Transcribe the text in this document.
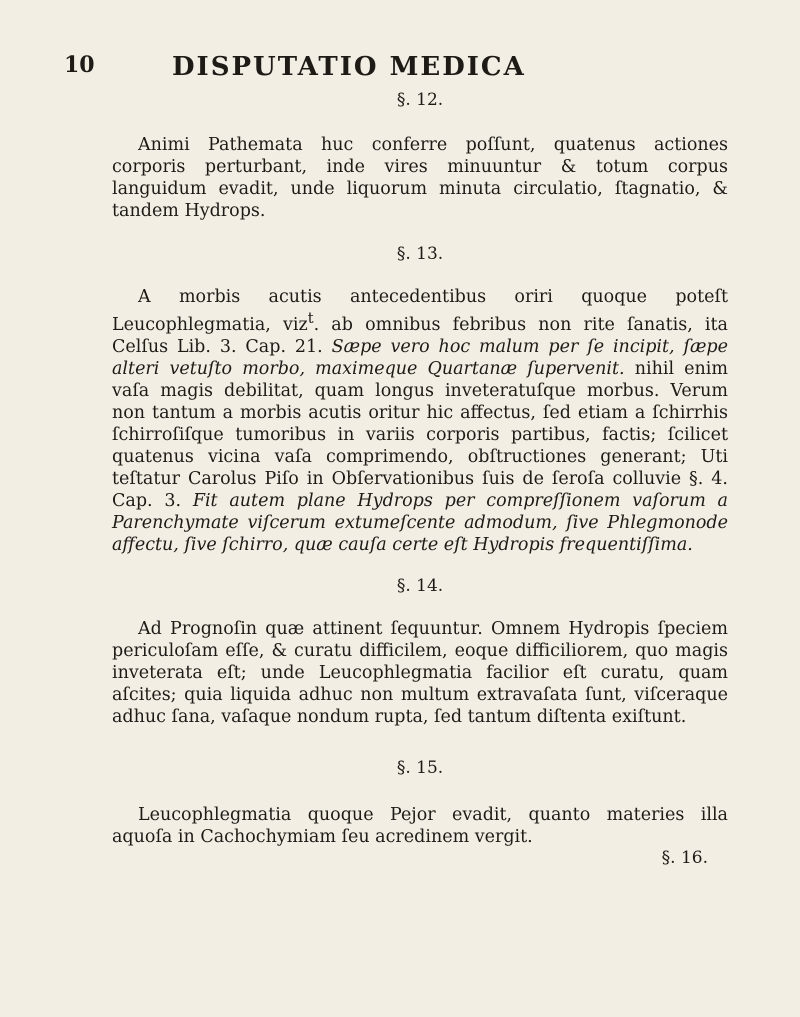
10	DISPUTATIO MEDICA

§. 12.

Animi Pathemata huc conferre poſſunt, quatenus actiones corporis perturbant, inde vires minuuntur & totum corpus languidum evadit, unde liquorum minuta circulatio, ſtagnatio, & tandem Hydrops.

§. 13.

A morbis acutis antecedentibus oriri quoque poteſt Leucophlegmatia, viz$^t$. ab omnibus febribus non rite ſanatis, ita Celſus Lib. 3. Cap. 21. Sæpe vero hoc malum per ſe incipit, ſæpe alteri vetuſto morbo, maximeque Quartanæ ſupervenit. nihil enim vaſa magis debilitat, quam longus inveteratuſque morbus. Verum non tantum a morbis acutis oritur hic affectus, ſed etiam a ſchirrhis ſchirroſiſque tumoribus in variis corporis partibus, factis; ſcilicet quatenus vicina vaſa comprimendo, obſtructiones generant; Uti teſtatur Carolus Piſo in Obſervationibus ſuis de ſeroſa colluvie §. 4. Cap. 3. Fit autem plane Hydrops per compreſſionem vaſorum a Parenchymate viſcerum extumeſcente admodum, ſive Phlegmonode affectu, ſive ſchirro, quæ cauſa certe eſt Hydropis frequentiſſima.

§. 14.

Ad Prognoſin quæ attinent ſequuntur. Omnem Hydropis ſpeciem periculoſam eſſe, & curatu difficilem, eoque difficiliorem, quo magis inveterata eſt; unde Leucophlegmatia facilior eſt curatu, quam aſcites; quia liquida adhuc non multum extravaſata ſunt, viſceraque adhuc ſana, vaſaque nondum rupta, ſed tantum diſtenta exiſtunt.

§. 15.

Leucophlegmatia quoque Pejor evadit, quanto materies illa aquoſa in Cachochymiam ſeu acredinem vergit.

§. 16.
